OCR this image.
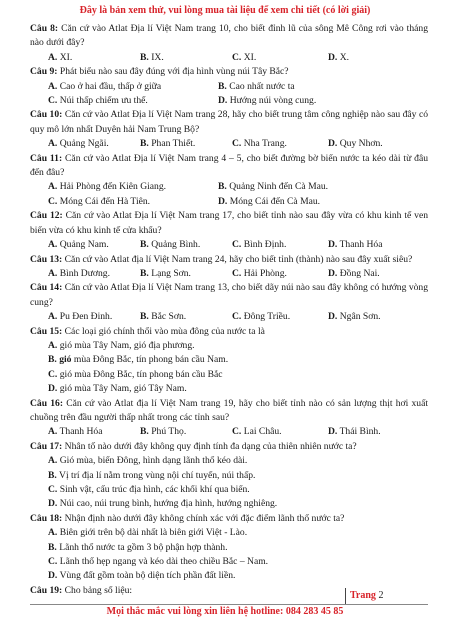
Đây là bản xem thử, vui lòng mua tài liệu để xem chi tiết (có lời giải)

Câu 8: Căn cứ vào Atlat Địa lí Việt Nam trang 10, cho biết đỉnh lũ của sông Mê Công rơi vào tháng nào dưới đây?

A. XI.	B. IX.	C. XI.	D. X.

Câu 9: Phát biểu nào sau đây đúng với địa hình vùng núi Tây Bắc?

A. Cao ở hai đầu, thấp ở giữa	B. Cao nhất nước ta
C. Núi thấp chiếm ưu thế.	D. Hướng núi vòng cung.

Câu 10: Căn cứ vào Atlat Địa lí Việt Nam trang 28, hãy cho biết trung tâm công nghiệp nào sau đây có quy mô lớn nhất Duyên hải Nam Trung Bộ?

A. Quảng Ngãi.	B. Phan Thiết.	C. Nha Trang.	D. Quy Nhơn.

Câu 11: Căn cứ vào Atlat Địa lí Việt Nam trang 4 – 5, cho biết đường bờ biển nước ta kéo dài từ đâu đến đâu?

A. Hải Phòng đến Kiên Giang.	B. Quảng Ninh đến Cà Mau.
C. Móng Cái đến Hà Tiên.	D. Móng Cái đến Cà Mau.

Câu 12: Căn cứ vào Atlat Địa lí Việt Nam trang 17, cho biết tỉnh nào sau đây vừa có khu kinh tế ven biển vừa có khu kinh tế cửa khẩu?

A. Quảng Nam.	B. Quảng Bình.	C. Bình Định.	D. Thanh Hóa

Câu 13: Căn cứ vào Atlat địa lí Việt Nam trang 24, hãy cho biết tỉnh (thành) nào sau đây xuất siêu?

A. Bình Dương.	B. Lạng Sơn.	C. Hải Phòng.	D. Đồng Nai.

Câu 14: Căn cứ vào Atlat Địa lí Việt Nam trang 13, cho biết dãy núi nào sau đây không có hướng vòng cung?

A. Pu Đen Đinh.	B. Bắc Sơn.	C. Đông Triều.	D. Ngân Sơn.

Câu 15: Các loại gió chính thổi vào mùa đông của nước ta là

A. gió mùa Tây Nam, gió địa phương.
B. gió mùa Đông Bắc, tín phong bán cầu Nam.
C. gió mùa Đông Bắc, tín phong bán cầu Bắc
D. gió mùa Tây Nam, gió Tây Nam.

Câu 16: Căn cứ vào Atlat địa lí Việt Nam trang 19, hãy cho biết tỉnh nào có sản lượng thịt hơi xuất chuồng trên đầu người thấp nhất trong các tỉnh sau?

A. Thanh Hóa	B. Phú Thọ.	C. Lai Châu.	D. Thái Bình.

Câu 17: Nhân tố nào dưới đây không quy định tính đa dạng của thiên nhiên nước ta?

A. Gió mùa, biển Đông, hình dạng lãnh thổ kéo dài.
B. Vị trí địa lí nằm trong vùng nội chí tuyến, núi thấp.
C. Sinh vật, cấu trúc địa hình, các khối khí qua biển.
D. Núi cao, núi trung bình, hướng địa hình, hướng nghiêng.

Câu 18: Nhận định nào dưới đây không chính xác với đặc điểm lãnh thổ nước ta?

A. Biên giới trên bộ dài nhất là biên giới Việt - Lào.
B. Lãnh thổ nước ta gồm 3 bộ phận hợp thành.
C. Lãnh thổ hẹp ngang và kéo dài theo chiều Bắc – Nam.
D. Vùng đất gồm toàn bộ diện tích phần đất liền.

Câu 19: Cho bảng số liệu:	Trang 2
Mọi thắc mắc vui lòng xin liên hệ hotline: 084 283 45 85
